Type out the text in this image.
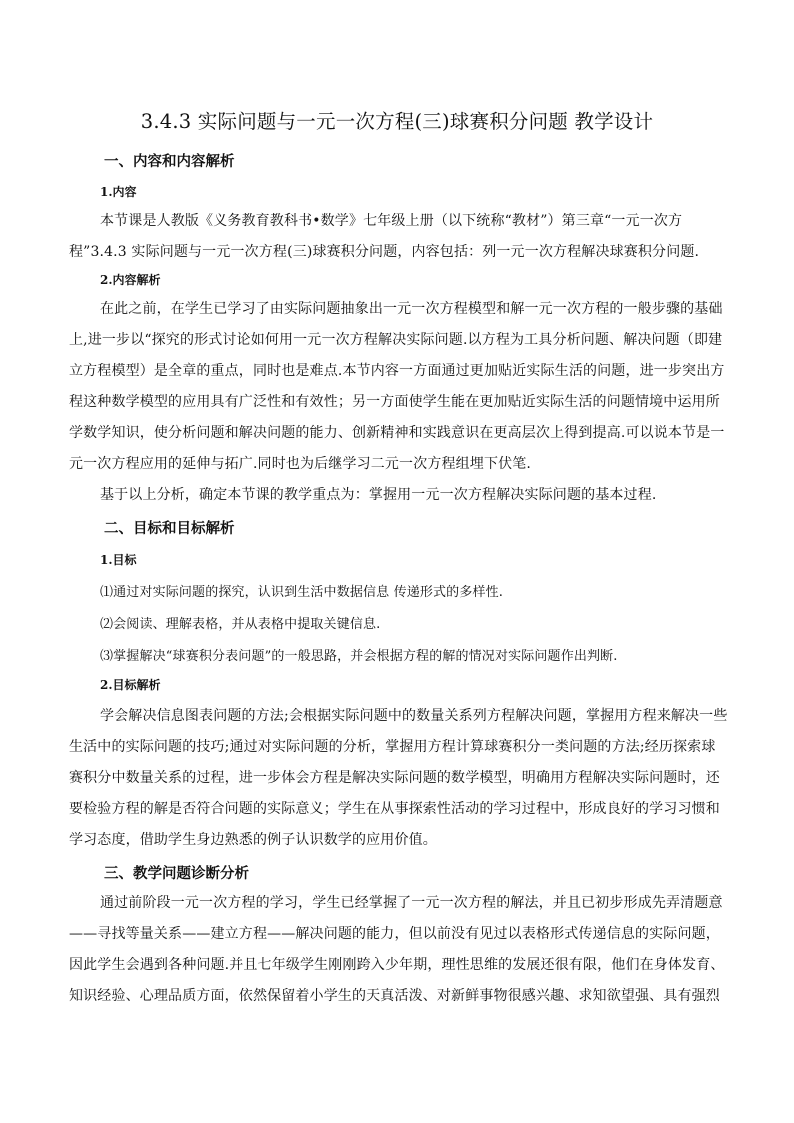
3.4.3 实际问题与一元一次方程(三)球赛积分问题 教学设计
一、内容和内容解析
1.内容
本节课是人教版《义务教育教科书•数学》七年级上册（以下统称“教材”）第三章“一元一次方
程”3.4.3 实际问题与一元一次方程(三)球赛积分问题，内容包括：列一元一次方程解决球赛积分问题.
2.内容解析
在此之前，在学生已学习了由实际问题抽象出一元一次方程模型和解一元一次方程的一般步骤的基础
上,进一步以“探究的形式讨论如何用一元一次方程解决实际问题.以方程为工具分析问题、解决问题（即建
立方程模型）是全章的重点，同时也是难点.本节内容一方面通过更加贴近实际生活的问题，进一步突出方
程这种数学模型的应用具有广泛性和有效性；另一方面使学生能在更加贴近实际生活的问题情境中运用所
学数学知识，使分析问题和解决问题的能力、创新精神和实践意识在更高层次上得到提高.可以说本节是一
元一次方程应用的延伸与拓广.同时也为后继学习二元一次方程组埋下伏笔.
基于以上分析，确定本节课的教学重点为：掌握用一元一次方程解决实际问题的基本过程.
二、目标和目标解析
1.目标
⑴通过对实际问题的探究，认识到生活中数据信息 传递形式的多样性.
⑵会阅读、理解表格，并从表格中提取关键信息.
⑶掌握解决“球赛积分表问题”的一般思路，并会根据方程的解的情况对实际问题作出判断.
2.目标解析
学会解决信息图表问题的方法;会根据实际问题中的数量关系列方程解决问题，掌握用方程来解决一些
生活中的实际问题的技巧;通过对实际问题的分析，掌握用方程计算球赛积分一类问题的方法;经历探索球
赛积分中数量关系的过程，进一步体会方程是解决实际问题的数学模型，明确用方程解决实际问题时，还
要检验方程的解是否符合问题的实际意义；学生在从事探索性活动的学习过程中，形成良好的学习习惯和
学习态度，借助学生身边熟悉的例子认识数学的应用价值。
三、教学问题诊断分析
通过前阶段一元一次方程的学习，学生已经掌握了一元一次方程的解法，并且已初步形成先弄清题意
——寻找等量关系——建立方程——解决问题的能力，但以前没有见过以表格形式传递信息的实际问题，
因此学生会遇到各种问题.并且七年级学生刚刚跨入少年期，理性思维的发展还很有限，他们在身体发育、
知识经验、心理品质方面，依然保留着小学生的天真活泼、对新鲜事物很感兴趣、求知欲望强、具有强烈
